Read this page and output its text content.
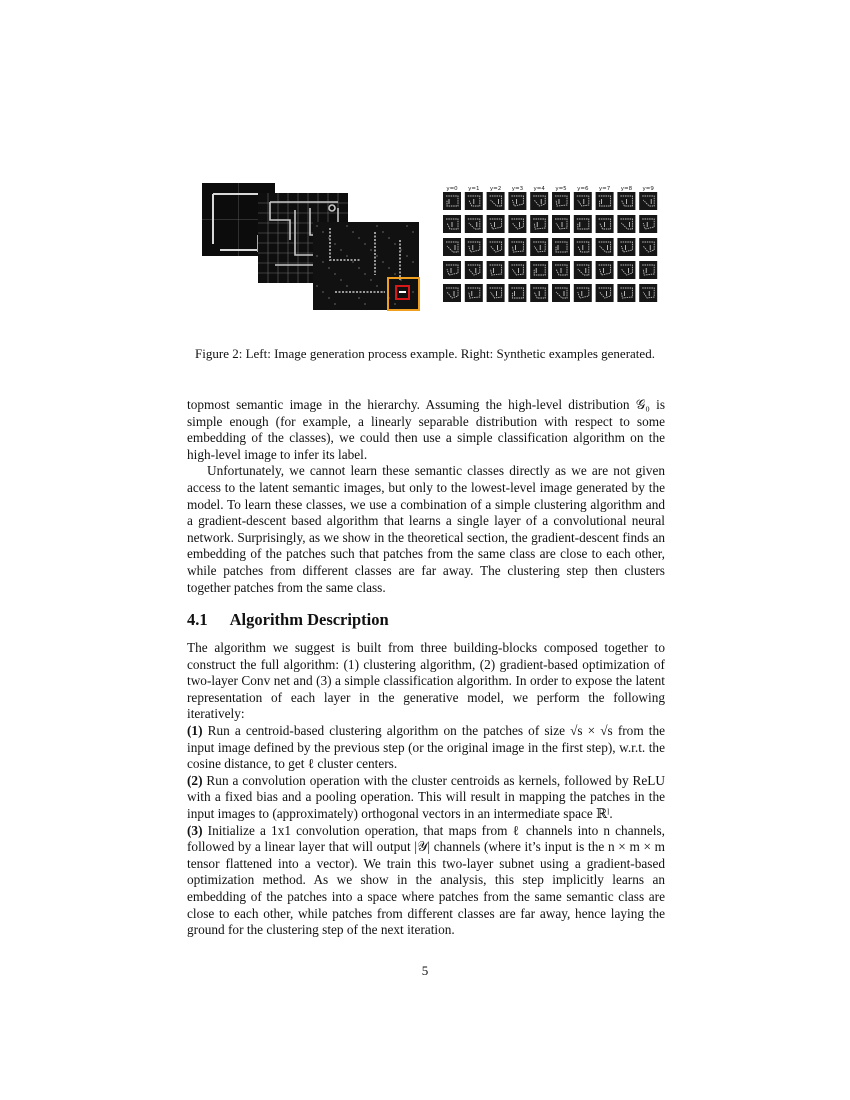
y=0 y=1 y=2 y=3 y=4 y=5 y=6 y=7 y=8 y=9
Figure 2: Left: Image generation process example. Right: Synthetic examples generated.

topmost semantic image in the hierarchy. Assuming the high-level distribution 𝒢₀ is simple enough (for example, a linearly separable distribution with respect to some embedding of the classes), we could then use a simple classification algorithm on the high-level image to infer its label.

Unfortunately, we cannot learn these semantic classes directly as we are not given access to the latent semantic images, but only to the lowest-level image generated by the model. To learn these classes, we use a combination of a simple clustering algorithm and a gradient-descent based algorithm that learns a single layer of a convolutional neural network. Surprisingly, as we show in the theoretical section, the gradient-descent finds an embedding of the patches such that patches from the same class are close to each other, while patches from different classes are far away. The clustering step then clusters together patches from the same class.

4.1 Algorithm Description

The algorithm we suggest is built from three building-blocks composed together to construct the full algorithm: (1) clustering algorithm, (2) gradient-based optimization of two-layer Conv net and (3) a simple classification algorithm. In order to expose the latent representation of each layer in the generative model, we perform the following iteratively:

(1) Run a centroid-based clustering algorithm on the patches of size √s × √s from the input image defined by the previous step (or the original image in the first step), w.r.t. the cosine distance, to get ℓ cluster centers.

(2) Run a convolution operation with the cluster centroids as kernels, followed by ReLU with a fixed bias and a pooling operation. This will result in mapping the patches in the input images to (approximately) orthogonal vectors in an intermediate space ℝˡ.

(3) Initialize a 1x1 convolution operation, that maps from ℓ channels into n channels, followed by a linear layer that will output |𝒴| channels (where it’s input is the n × m × m tensor flattened into a vector). We train this two-layer subnet using a gradient-based optimization method. As we show in the analysis, this step implicitly learns an embedding of the patches into a space where patches from the same semantic class are close to each other, while patches from different classes are far away, hence laying the ground for the clustering step of the next iteration.

5
